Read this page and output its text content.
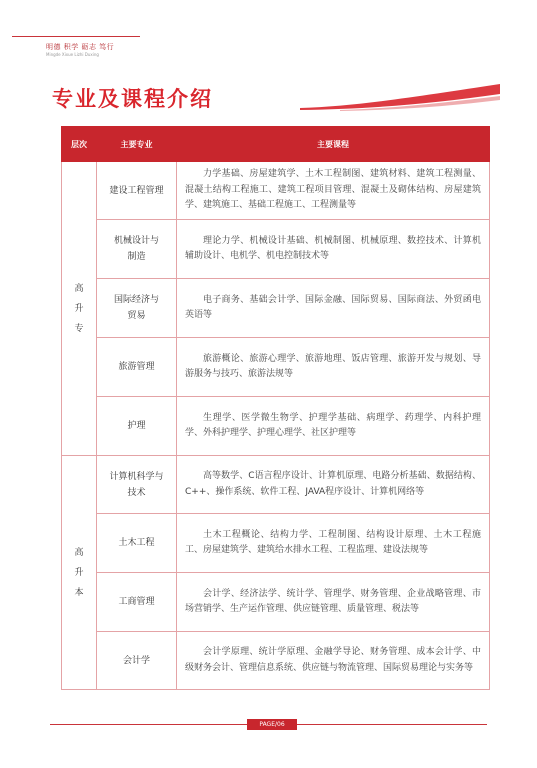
明德 积学 砺志 笃行
Mingde Xixue Lizhi Duxing
专业及课程介绍
层次	主要专业	主要课程
高升专	建设工程管理	力学基础、房屋建筑学、土木工程制图、建筑材料、建筑工程测量、混凝土结构工程施工、建筑工程项目管理、混凝土及砌体结构、房屋建筑学、建筑施工、基础工程施工、工程测量等
	机械设计与制造	理论力学、机械设计基础、机械制图、机械原理、数控技术、计算机辅助设计、电机学、机电控制技术等
	国际经济与贸易	电子商务、基础会计学、国际金融、国际贸易、国际商法、外贸函电英语等
	旅游管理	旅游概论、旅游心理学、旅游地理、饭店管理、旅游开发与规划、导游服务与技巧、旅游法规等
	护理	生理学、医学微生物学、护理学基础、病理学、药理学、内科护理学、外科护理学、护理心理学、社区护理等
高升本	计算机科学与技术	高等数学、C语言程序设计、计算机原理、电路分析基础、数据结构、C++、操作系统、软件工程、JAVA程序设计、计算机网络等
	土木工程	土木工程概论、结构力学、工程制图、结构设计原理、土木工程施工、房屋建筑学、建筑给水排水工程、工程监理、建设法规等
	工商管理	会计学、经济法学、统计学、管理学、财务管理、企业战略管理、市场营销学、生产运作管理、供应链管理、质量管理、税法等
	会计学	会计学原理、统计学原理、金融学导论、财务管理、成本会计学、中级财务会计、管理信息系统、供应链与物流管理、国际贸易理论与实务等
PAGE/06
